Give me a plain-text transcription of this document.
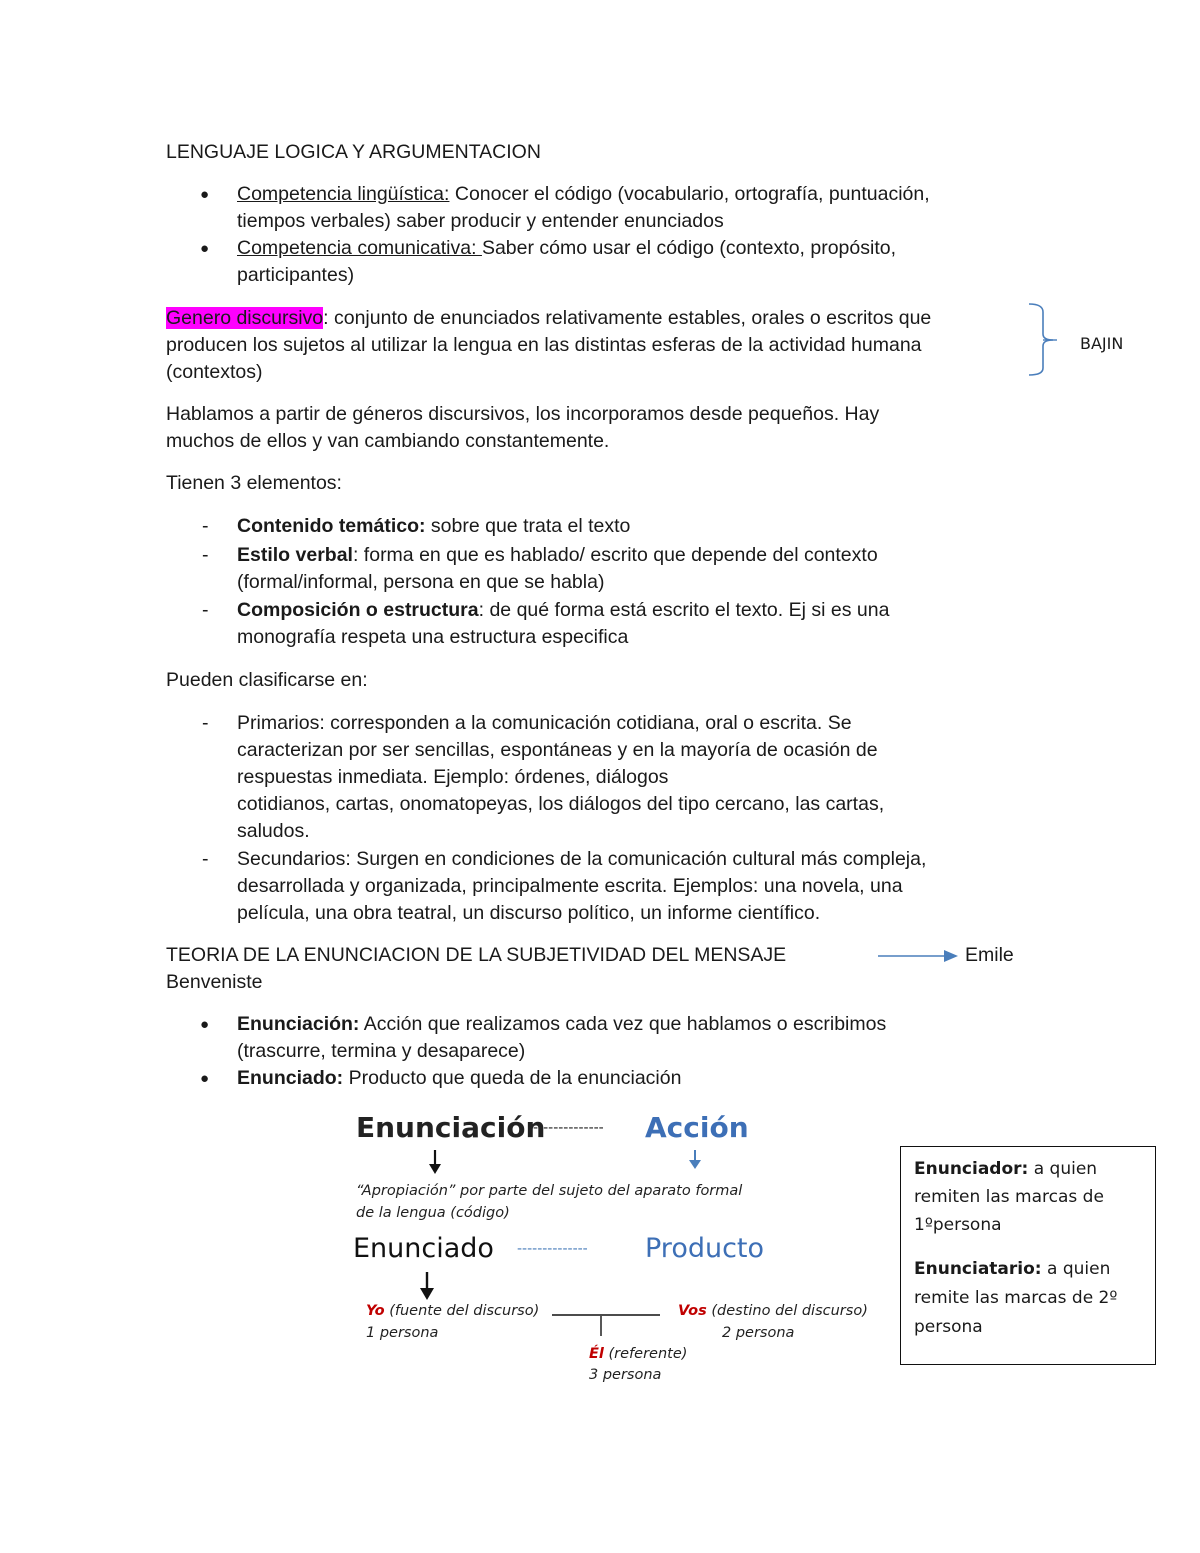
LENGUAJE LOGICA Y ARGUMENTACION
● Competencia lingüística: Conocer el código (vocabulario, ortografía, puntuación,
tiempos verbales) saber producir y entender enunciados
● Competencia comunicativa: Saber cómo usar el código (contexto, propósito,
participantes)
Genero discursivo: conjunto de enunciados relativamente estables, orales o escritos que
producen los sujetos al utilizar la lengua en las distintas esferas de la actividad humana
(contextos)
BAJIN
Hablamos a partir de géneros discursivos, los incorporamos desde pequeños. Hay
muchos de ellos y van cambiando constantemente.
Tienen 3 elementos:
- Contenido temático: sobre que trata el texto
- Estilo verbal: forma en que es hablado/ escrito que depende del contexto
(formal/informal, persona en que se habla)
- Composición o estructura: de qué forma está escrito el texto. Ej si es una
monografía respeta una estructura especifica
Pueden clasificarse en:
- Primarios: corresponden a la comunicación cotidiana, oral o escrita. Se
caracterizan por ser sencillas, espontáneas y en la mayoría de ocasión de
respuestas inmediata. Ejemplo: órdenes, diálogos
cotidianos, cartas, onomatopeyas, los diálogos del tipo cercano, las cartas,
saludos.
- Secundarios: Surgen en condiciones de la comunicación cultural más compleja,
desarrollada y organizada, principalmente escrita. Ejemplos: una novela, una
película, una obra teatral, un discurso político, un informe científico.
TEORIA DE LA ENUNCIACION DE LA SUBJETIVIDAD DEL MENSAJE	Emile
Benveniste
● Enunciación: Acción que realizamos cada vez que hablamos o escribimos
(trascurre, termina y desaparece)
● Enunciado: Producto que queda de la enunciación
Enunciación
-------------- Acción
“Apropiación” por parte del sujeto del aparato formal
de la lengua (código)
Enunciado -------------- Producto
Yo (fuente del discurso)
1 persona
Vos (destino del discurso)
2 persona
Él (referente)
3 persona
Enunciador: a quien
remiten las marcas de
1ºpersona
Enunciatario: a quien
remite las marcas de 2º
persona
